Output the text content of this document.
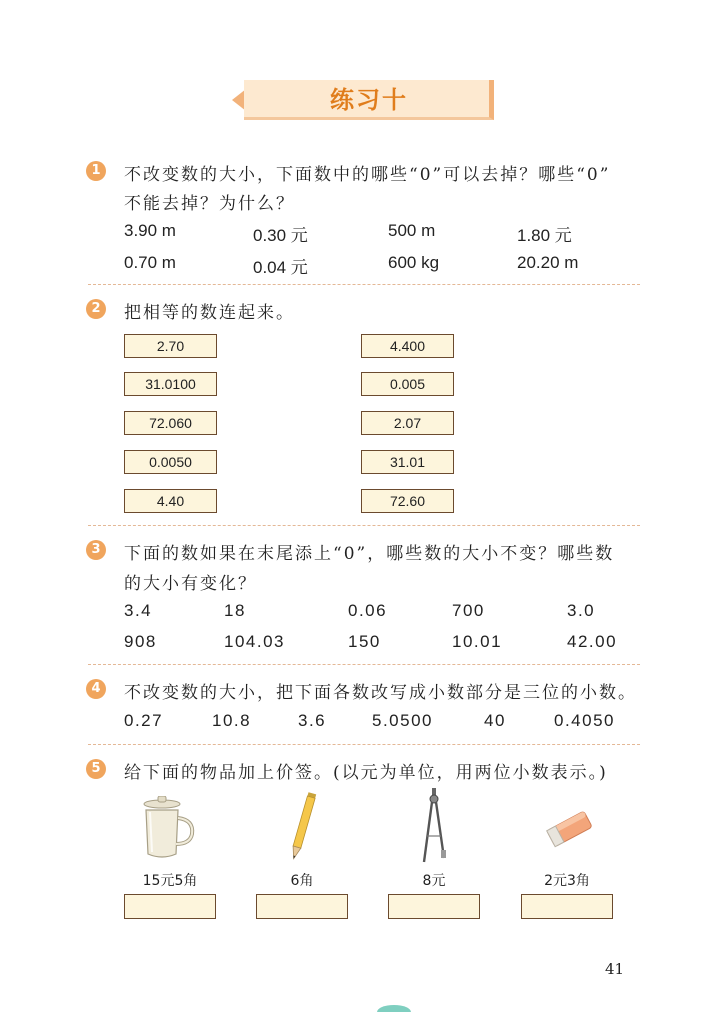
练习十
1	不改变数的大小，下面数中的哪些“0”可以去掉？哪些“0”
不能去掉？为什么？
3.90 m	0.30 元	500 m	1.80 元
0.70 m	0.04 元	600 kg	20.20 m
2	把相等的数连起来。
2.70
31.0100
72.060
0.0050
4.40
4.400
0.005
2.07
31.01
72.60
3	下面的数如果在末尾添上“0”，哪些数的大小不变？哪些数
的大小有变化？
3.4	18	0.06	700	3.0
908	104.03	150	10.01	42.00
4	不改变数的大小，把下面各数改写成小数部分是三位的小数。
0.27	10.8	3.6	5.0500	40	0.4050
5	给下面的物品加上价签。(以元为单位，用两位小数表示。)
15元5角	6角	8元	2元3角
41
